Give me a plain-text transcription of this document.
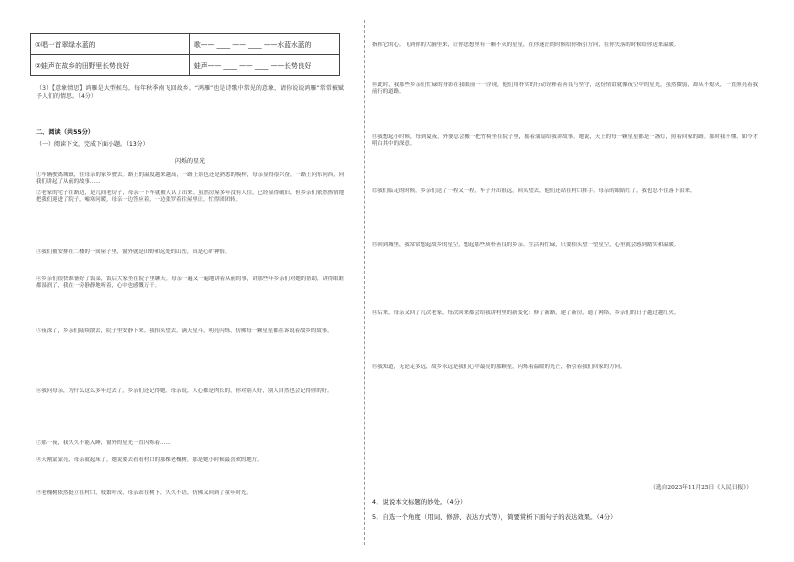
①唱一首翠绿水蓝的	歌—— ____ —— ____ ——水蓝水蓝的
②蛙声在故乡的田野里长势良好	蛙声—— ____ —— ____ ——长势良好
（3）【意象情思】鸿雁是大型候鸟，每年秋季南飞回故乡。“鸿雁”也是诗歌中常见的意象，请你说说鸿雁”常常被赋予人们的情思。（4分）
二、阅读（共55分）
（一）阅读下文，完成下面小题。（13分）
闪烁的星光
①车辆驶离城镇，往母亲的家乡驶去。路上的温度越来越高，一路上景色还是熟悉的模样，母亲显得很兴奋，一路上问东问西，向我们讲起了从前的故事……
②老家的宅子在路边，是几间老房子，母亲一下车就被人认了出来。虽然房屋多年没有人住，已经显得破旧，但乡亲们依然热情地把我们迎进了院子，嘘寒问暖，母亲一边答应着，一边张罗着往屋里让，忙得团团转。
③我们被安排在二楼的一间屋子里，窗外就是田野和远处的山峦，真是心旷神怡。
④乡亲们很快准备好了饭菜，饭后大家坐在院子里聊天。母亲一遍又一遍地讲着从前的事，讲那些年乡亲们对她的帮助，讲得眼眶都湿润了，我在一旁静静地听着，心中也感慨万千。
⑤夜深了，乡亲们陆续散去，院子里安静下来。我抬头望去，满天星斗，明亮闪烁，仿佛每一颗星星都在诉说着故乡的故事。
⑥我问母亲，为什么这么多年过去了，乡亲们还记得她。母亲说，人心都是肉长的，你对别人好，别人自然也会记得你的好。
⑦那一夜，我久久不能入睡，窗外的星光一直闪烁着……
⑧天刚蒙蒙亮，母亲就起床了，她说要去看看村口的那棵老槐树，那是她小时候最喜欢的地方。
⑨老槐树依然挺立在村口，枝繁叶茂，母亲站在树下，久久不语，仿佛又回到了童年时光。
指挥它的心。飞到你的大脑里来，让你思想里有一颗不灭的星星，在你迷茫的时候给你指引方向，在你失落的时候给你送来温暖。
⑩此时，我那些乡亲们忙碌的身影在我眼前一一浮现，他们用朴实的行动诠释着善良与坚守，这份情谊就像夜空中的星光，虽然微弱，却从不熄灭，一直照亮着我前行的道路。
⑪我想起小时候，每到夏夜，外婆总会搬一把竹椅坐在院子里，摇着蒲扇给我讲故事。她说，天上的每一颗星星都是一盏灯，照着回家的路。那时我不懂，如今才明白其中的深意。
⑫我们临走的时候，乡亲们送了一程又一程，车子开出很远，回头望去，他们还站在村口挥手。母亲的眼睛红了，我也忍不住落下泪来。
⑬回到城里，我常常想起故乡的星空，想起那些质朴善良的乡亲。生活再忙碌，只要抬头望一望星空，心里就会感到踏实和温暖。
⑭后来，母亲又回了几次老家，每次回来都会给我讲村里的新变化：修了新路，建了新房，通了网络，乡亲们的日子越过越红火。
⑮我知道，无论走多远，故乡永远是我们心中最亮的那颗星，闪烁着温暖的光芒，指引着我们回家的方向。
（选自2023年11月25日《人民日报》）
4．说说本文标题的妙处。（4分）
5．自选一个角度（用词、修辞、表达方式等），简要赏析下面句子的表达效果。（4分）
